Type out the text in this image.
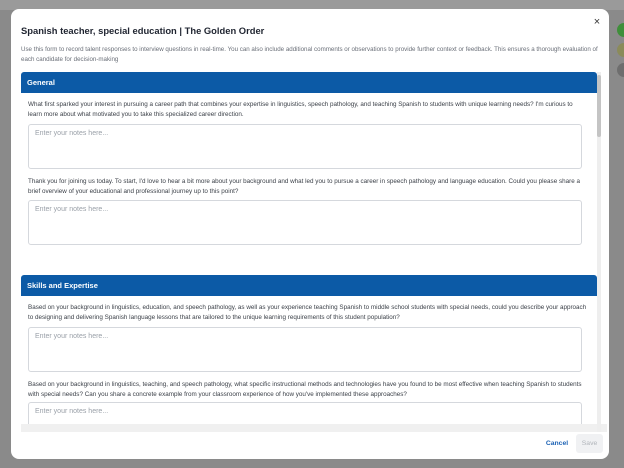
×
Spanish teacher, special education | The Golden Order
Use this form to record talent responses to interview questions in real-time. You can also include additional comments or observations to provide further context or feedback. This ensures a thorough evaluation of each candidate for decision-making
General
What first sparked your interest in pursuing a career path that combines your expertise in linguistics, speech pathology, and teaching Spanish to students with unique learning needs? I'm curious to learn more about what motivated you to take this specialized career direction.
Enter your notes here...
Thank you for joining us today. To start, I'd love to hear a bit more about your background and what led you to pursue a career in speech pathology and language education. Could you please share a brief overview of your educational and professional journey up to this point?
Enter your notes here...
Skills and Expertise
Based on your background in linguistics, education, and speech pathology, as well as your experience teaching Spanish to middle school students with special needs, could you describe your approach to designing and delivering Spanish language lessons that are tailored to the unique learning requirements of this student population?
Enter your notes here...
Based on your background in linguistics, teaching, and speech pathology, what specific instructional methods and technologies have you found to be most effective when teaching Spanish to students with special needs? Can you share a concrete example from your classroom experience of how you've implemented these approaches?
Enter your notes here...
Cancel	Save
